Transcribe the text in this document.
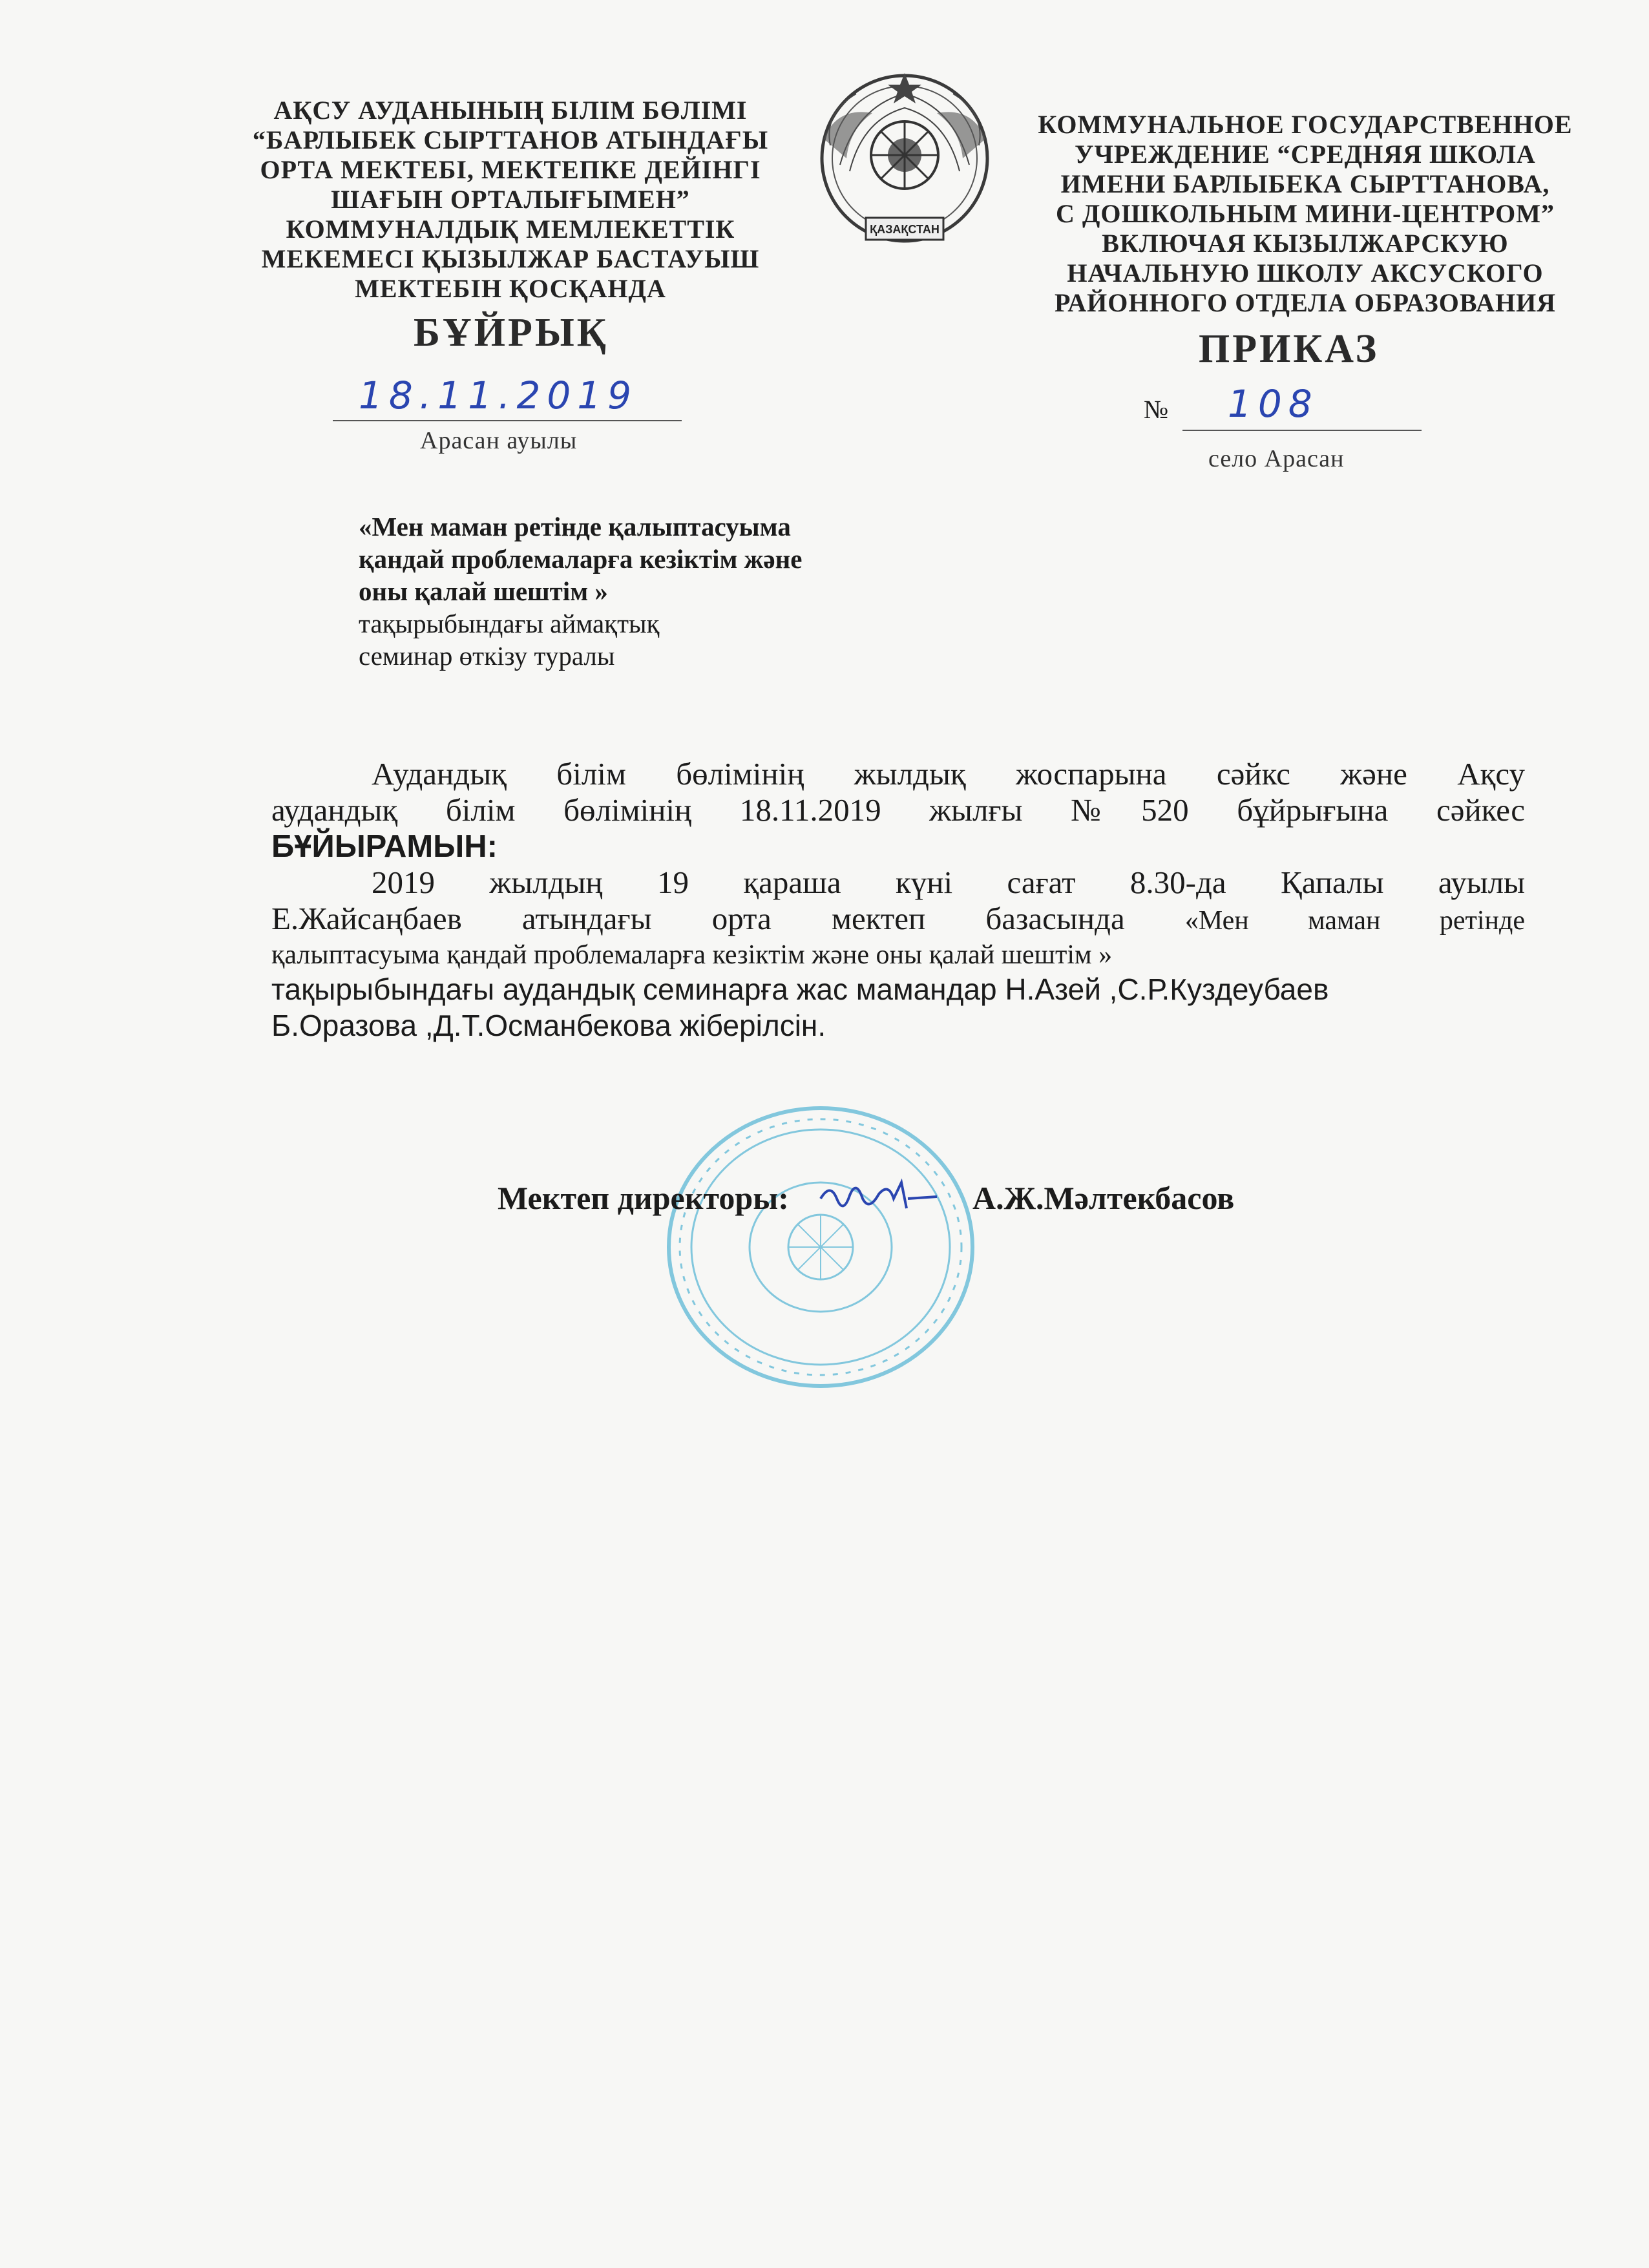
АҚСУ АУДАНЫНЫҢ БІЛІМ БӨЛІМІ
“БАРЛЫБЕК СЫРТТАНОВ АТЫНДАҒЫ
ОРТА МЕКТЕБІ, МЕКТЕПКЕ ДЕЙІНГІ
ШАҒЫН ОРТАЛЫҒЫМЕН”
КОММУНАЛДЫҚ МЕМЛЕКЕТТІК
МЕКЕМЕСІ ҚЫЗЫЛЖАР БАСТАУЫШ
МЕКТЕБІН ҚОСҚАНДА
ҚАЗАҚСТАН
КОММУНАЛЬНОЕ ГОСУДАРСТВЕННОЕ
УЧРЕЖДЕНИЕ “СРЕДНЯЯ ШКОЛА
ИМЕНИ БАРЛЫБЕКА СЫРТТАНОВА,
С ДОШКОЛЬНЫМ МИНИ-ЦЕНТРОМ”
ВКЛЮЧАЯ КЫЗЫЛЖАРСКУЮ
НАЧАЛЬНУЮ ШКОЛУ АКСУСКОГО
РАЙОННОГО ОТДЕЛА ОБРАЗОВАНИЯ
БҰЙРЫҚ	ПРИКАЗ
18.11.2019
Арасан ауылы
№ 108
село Арасан
«Мен маман ретінде қалыптасуыма
қандай проблемаларға кезіктім және
оны қалай шештім »
тақырыбындағы аймақтық
семинар өткізу туралы
Аудандық білім бөлімінің жылдық жоспарына сәйкс және Ақсу
аудандық білім бөлімінің 18.11.2019 жылғы №520 бұйрығына сәйкес
БҰЙЫРАМЫН:
2019 жылдың 19 қараша күні сағат 8.30-да Қапалы ауылы
Е.Жайсаңбаев атындағы орта мектеп базасында «Мен маман ретінде
қалыптасуыма қандай проблемаларға кезіктім және оны қалай шештім »
тақырыбындағы аудандық семинарға жас мамандар Н.Азей ,С.Р.Куздеубаев
Б.Оразова ,Д.Т.Османбекова жіберілсін.
Мектеп директоры:	А.Ж.Мәлтекбасов
